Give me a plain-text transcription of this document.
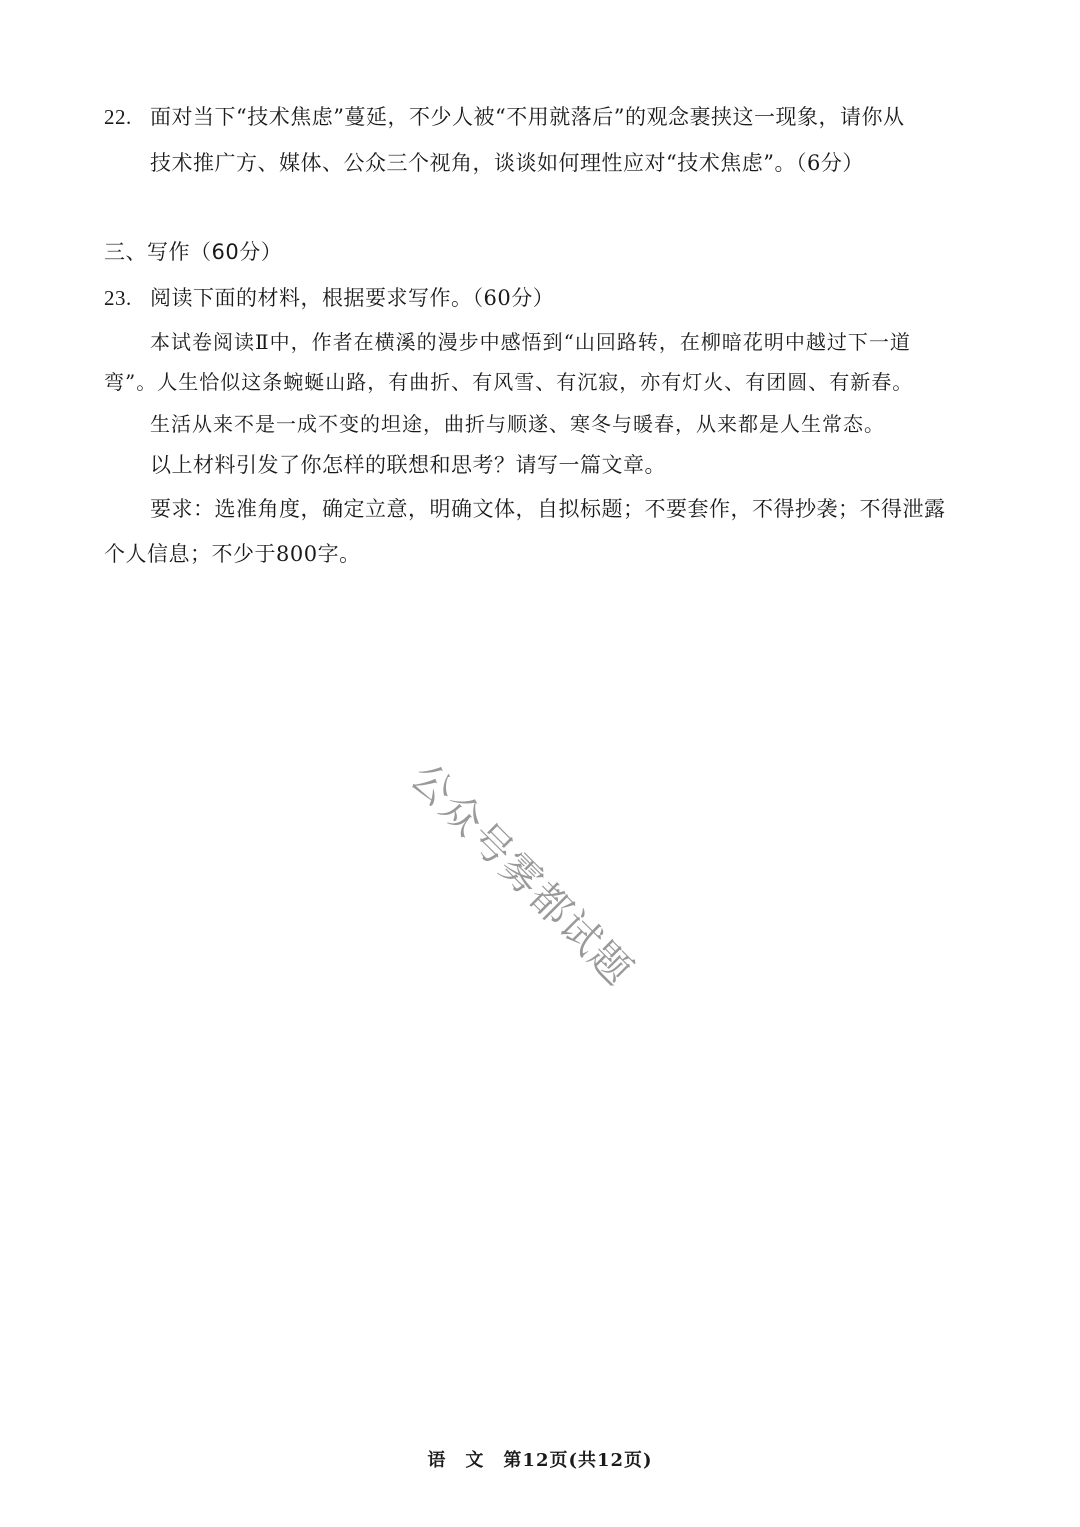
22. 面对当下“技术焦虑”蔓延，不少人被“不用就落后”的观念裹挟这一现象，请你从
技术推广方、媒体、公众三个视角，谈谈如何理性应对“技术焦虑”。（6分）
三、写作（60分）
23. 阅读下面的材料，根据要求写作。（60分）
本试卷阅读Ⅱ中，作者在横溪的漫步中感悟到“山回路转，在柳暗花明中越过下一道
弯”。人生恰似这条蜿蜒山路，有曲折、有风雪、有沉寂，亦有灯火、有团圆、有新春。
生活从来不是一成不变的坦途，曲折与顺遂、寒冬与暖春，从来都是人生常态。
以上材料引发了你怎样的联想和思考？请写一篇文章。
要求：选准角度，确定立意，明确文体，自拟标题；不要套作，不得抄袭；不得泄露
个人信息；不少于800字。
公众号雾都试题
语　文　第12页(共12页)
